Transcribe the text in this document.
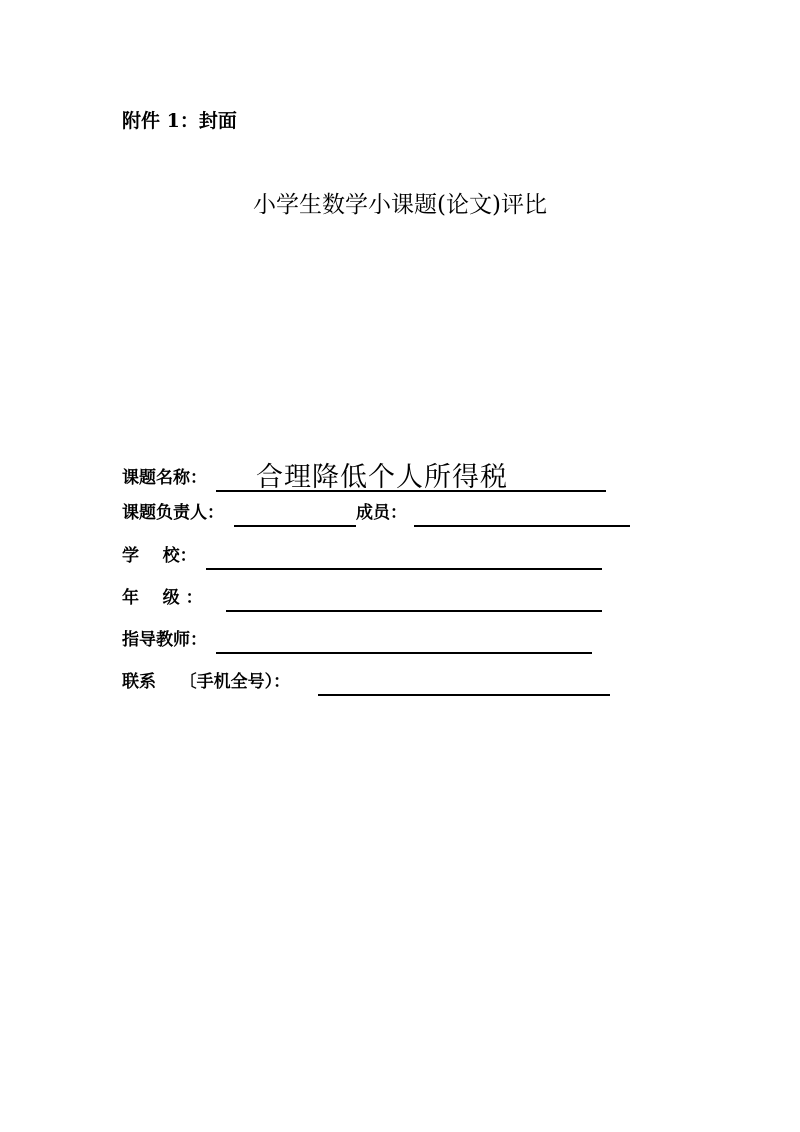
附件 1：封面
小学生数学小课题(论文)评比
课题名称： 合理降低个人所得税
课题负责人：	成员：
学    校：
年    级 ：
指导教师：
联系    〔手机全号）：
